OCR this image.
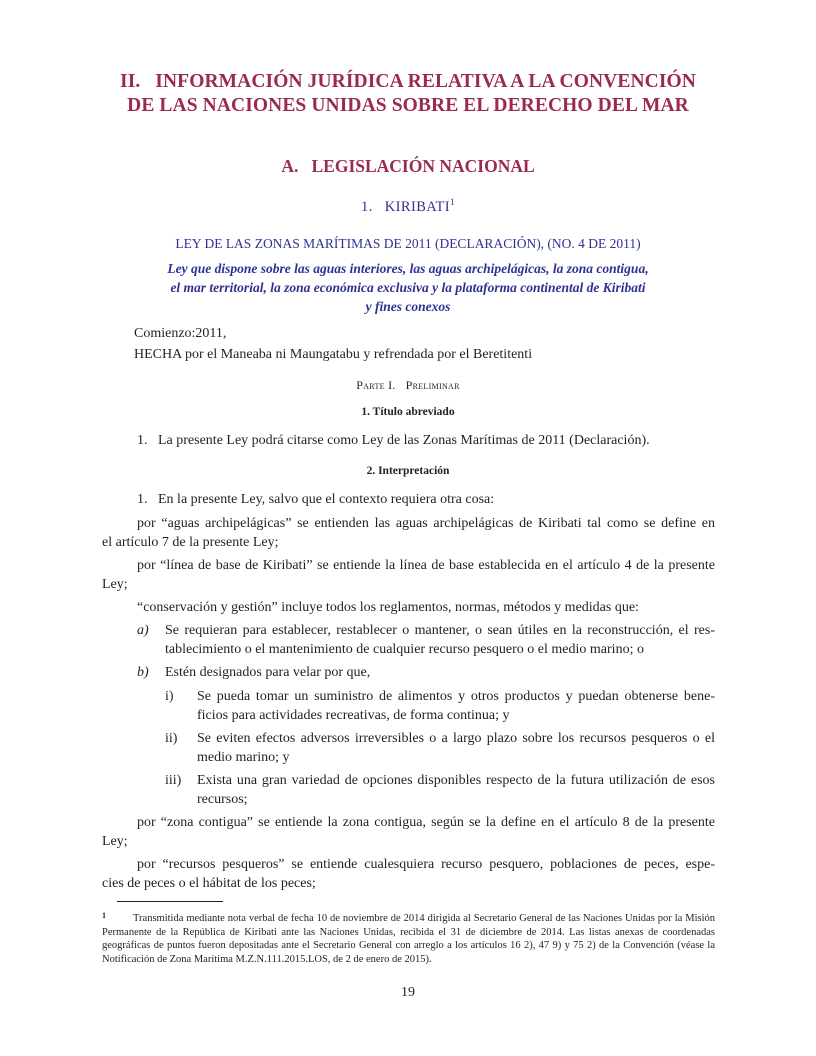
II.   INFORMACIÓN JURÍDICA RELATIVA A LA CONVENCIÓN
DE LAS NACIONES UNIDAS SOBRE EL DERECHO DEL MAR
A.   LEGISLACIÓN NACIONAL
1.   KIRIBATI$^1$
LEY DE LAS ZONAS MARÍTIMAS DE 2011 (DECLARACIÓN), (NO. 4 DE 2011)
Ley que dispone sobre las aguas interiores, las aguas archipelágicas, la zona contigua,
el mar territorial, la zona económica exclusiva y la plataforma continental de Kiribati
y fines conexos
Comienzo:2011,
HECHA por el Maneaba ni Maungatabu y refrendada por el Beretitenti
Parte I.   Preliminar
1. Título abreviado
1.   La presente Ley podrá citarse como Ley de las Zonas Marítimas de 2011 (Declaración).
2. Interpretación
1.   En la presente Ley, salvo que el contexto requiera otra cosa:
por “aguas archipelágicas” se entienden las aguas archipelágicas de Kiribati tal como se define en
el artículo 7 de la presente Ley;
por “línea de base de Kiribati” se entiende la línea de base establecida en el artículo 4 de la presente
Ley;
“conservación y gestión” incluye todos los reglamentos, normas, métodos y medidas que:
a) Se requieran para establecer, restablecer o mantener, o sean útiles en la reconstrucción, el res-
tablecimiento o el mantenimiento de cualquier recurso pesquero o el medio marino; o
b) Estén designados para velar por que,
i) Se pueda tomar un suministro de alimentos y otros productos y puedan obtenerse bene-
ficios para actividades recreativas, de forma continua; y
ii) Se eviten efectos adversos irreversibles o a largo plazo sobre los recursos pesqueros o el
medio marino; y
iii) Exista una gran variedad de opciones disponibles respecto de la futura utilización de esos
recursos;
por “zona contigua” se entiende la zona contigua, según se la define en el artículo 8 de la presente
Ley;
por “recursos pesqueros” se entiende cualesquiera recurso pesquero, poblaciones de peces, espe-
cies de peces o el hábitat de los peces;
$^1$	Transmitida mediante nota verbal de fecha 10 de noviembre de 2014 dirigida al Secretario General de las Naciones Unidas por la Misión Permanente de la República de Kiribati ante las Naciones Unidas, recibida el 31 de diciembre de 2014. Las listas anexas de coordenadas geográficas de puntos fueron depositadas ante el Secretario General con arreglo a los artículos 16 2), 47 9) y 75 2) de la Convención (véase la Notificación de Zona Marítima M.Z.N.111.2015.LOS, de 2 de enero de 2015).
19
